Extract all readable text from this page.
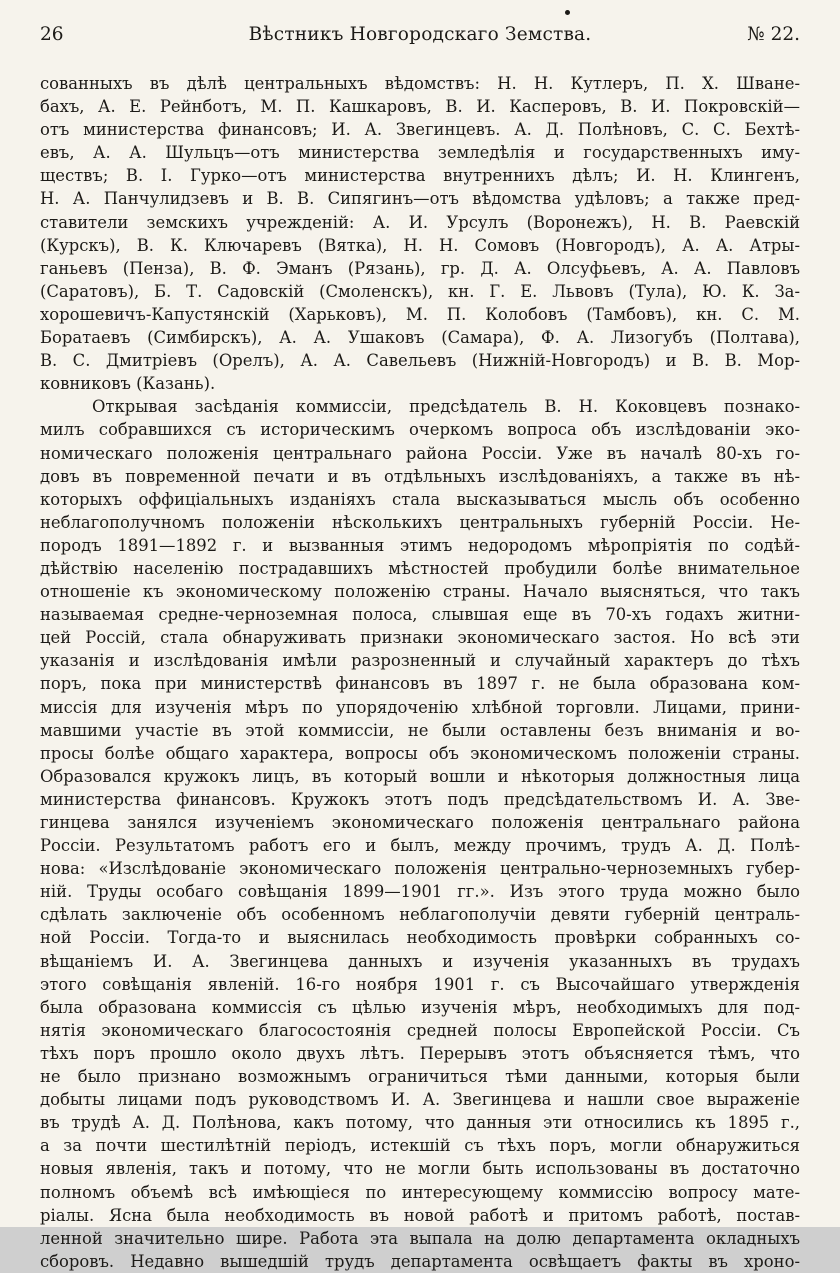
26	Вѣстникъ Новгородскаго Земства.	№ 22.
сованныхъ въ дѣлѣ центральныхъ вѣдомствъ: Н. Н. Кутлеръ, П. Х. Шване-
бахъ, А. Е. Рейнботъ, М. П. Кашкаровъ, В. И. Касперовъ, В. И. Покровскій—
отъ министерства финансовъ; И. А. Звегинцевъ. А. Д. Полѣновъ, С. С. Бехтѣ-
евъ, А. А. Шульцъ—отъ министерства земледѣлія и государственныхъ иму-
ществъ; В. І. Гурко—отъ министерства внутреннихъ дѣлъ; И. Н. Клингенъ,
Н. А. Панчулидзевъ и В. В. Сипягинъ—отъ вѣдомства удѣловъ; а также пред-
ставители земскихъ учрежденій: А. И. Урсулъ (Воронежъ), Н. В. Раевскій
(Курскъ), В. К. Ключаревъ (Вятка), Н. Н. Сомовъ (Новгородъ), А. А. Атры-
ганьевъ (Пенза), В. Ф. Эманъ (Рязань), гр. Д. А. Олсуфьевъ, А. А. Павловъ
(Саратовъ), Б. Т. Садовскій (Смоленскъ), кн. Г. Е. Львовъ (Тула), Ю. К. За-
хорошевичъ-Капустянскій (Харьковъ), М. П. Колобовъ (Тамбовъ), кн. С. М.
Боратаевъ (Симбирскъ), А. А. Ушаковъ (Самара), Ф. А. Лизогубъ (Полтава),
В. С. Дмитріевъ (Орелъ), А. А. Савельевъ (Нижній-Новгородъ) и В. В. Мор-
ковниковъ (Казань).
Открывая засѣданія коммиссіи, предсѣдатель В. Н. Коковцевъ познако-
милъ собравшихся съ историческимъ очеркомъ вопроса объ изслѣдованіи эко-
номическаго положенія центральнаго района Россіи. Уже въ началѣ 80-хъ го-
довъ въ повременной печати и въ отдѣльныхъ изслѣдованіяхъ, а также въ нѣ-
которыхъ оффиціальныхъ изданіяхъ стала высказываться мысль объ особенно
неблагополучномъ положеніи нѣсколькихъ центральныхъ губерній Россіи. Не-
породъ 1891—1892 г. и вызванныя этимъ недородомъ мѣропріятія по содѣй-
дѣйствію населенію пострадавшихъ мѣстностей пробудили болѣе внимательное
отношеніе къ экономическому положенію страны. Начало выясняться, что такъ
называемая средне-черноземная полоса, слывшая еще въ 70-хъ годахъ житни-
цей Россій, стала обнаруживать признаки экономическаго застоя. Но всѣ эти
указанія и изслѣдованія имѣли разрозненный и случайный характеръ до тѣхъ
поръ, пока при министерствѣ финансовъ въ 1897 г. не была образована ком-
миссія для изученія мѣръ по упорядоченію хлѣбной торговли. Лицами, прини-
мавшими участіе въ этой коммиссіи, не были оставлены безъ вниманія и во-
просы болѣе общаго характера, вопросы объ экономическомъ положеніи страны.
Образовался кружокъ лицъ, въ который вошли и нѣкоторыя должностныя лица
министерства финансовъ. Кружокъ этотъ подъ предсѣдательствомъ И. А. Зве-
гинцева занялся изученіемъ экономическаго положенія центральнаго района
Россіи. Результатомъ работъ его и былъ, между прочимъ, трудъ А. Д. Полѣ-
нова: «Изслѣдованіе экономическаго положенія центрально-черноземныхъ губер-
ній. Труды особаго совѣщанія 1899—1901 гг.». Изъ этого труда можно было
сдѣлать заключеніе объ особенномъ неблагополучіи девяти губерній централь-
ной Россіи. Тогда-то и выяснилась необходимость провѣрки собранныхъ со-
вѣщаніемъ И. А. Звегинцева данныхъ и изученія указанныхъ въ трудахъ
этого совѣщанія явленій. 16-го ноября 1901 г. съ Высочайшаго утвержденія
была образована коммиссія съ цѣлью изученія мѣръ, необходимыхъ для под-
нятія экономическаго благосостоянія средней полосы Европейской Россіи. Съ
тѣхъ поръ прошло около двухъ лѣтъ. Перерывъ этотъ объясняется тѣмъ, что
не было признано возможнымъ ограничиться тѣми данными, которыя были
добыты лицами подъ руководствомъ И. А. Звегинцева и нашли свое выраженіе
въ трудѣ А. Д. Полѣнова, какъ потому, что данныя эти относились къ 1895 г.,
а за почти шестилѣтній періодъ, истекшій съ тѣхъ поръ, могли обнаружиться
новыя явленія, такъ и потому, что не могли быть использованы въ достаточно
полномъ объемѣ всѣ имѣющіеся по интересующему коммиссію вопросу мате-
ріалы. Ясна была необходимость въ новой работѣ и притомъ работѣ, постав-
ленной значительно шире. Работа эта выпала на долю департамента окладныхъ
сборовъ. Недавно вышедшій трудъ департамента освѣщаетъ факты въ хроно-
